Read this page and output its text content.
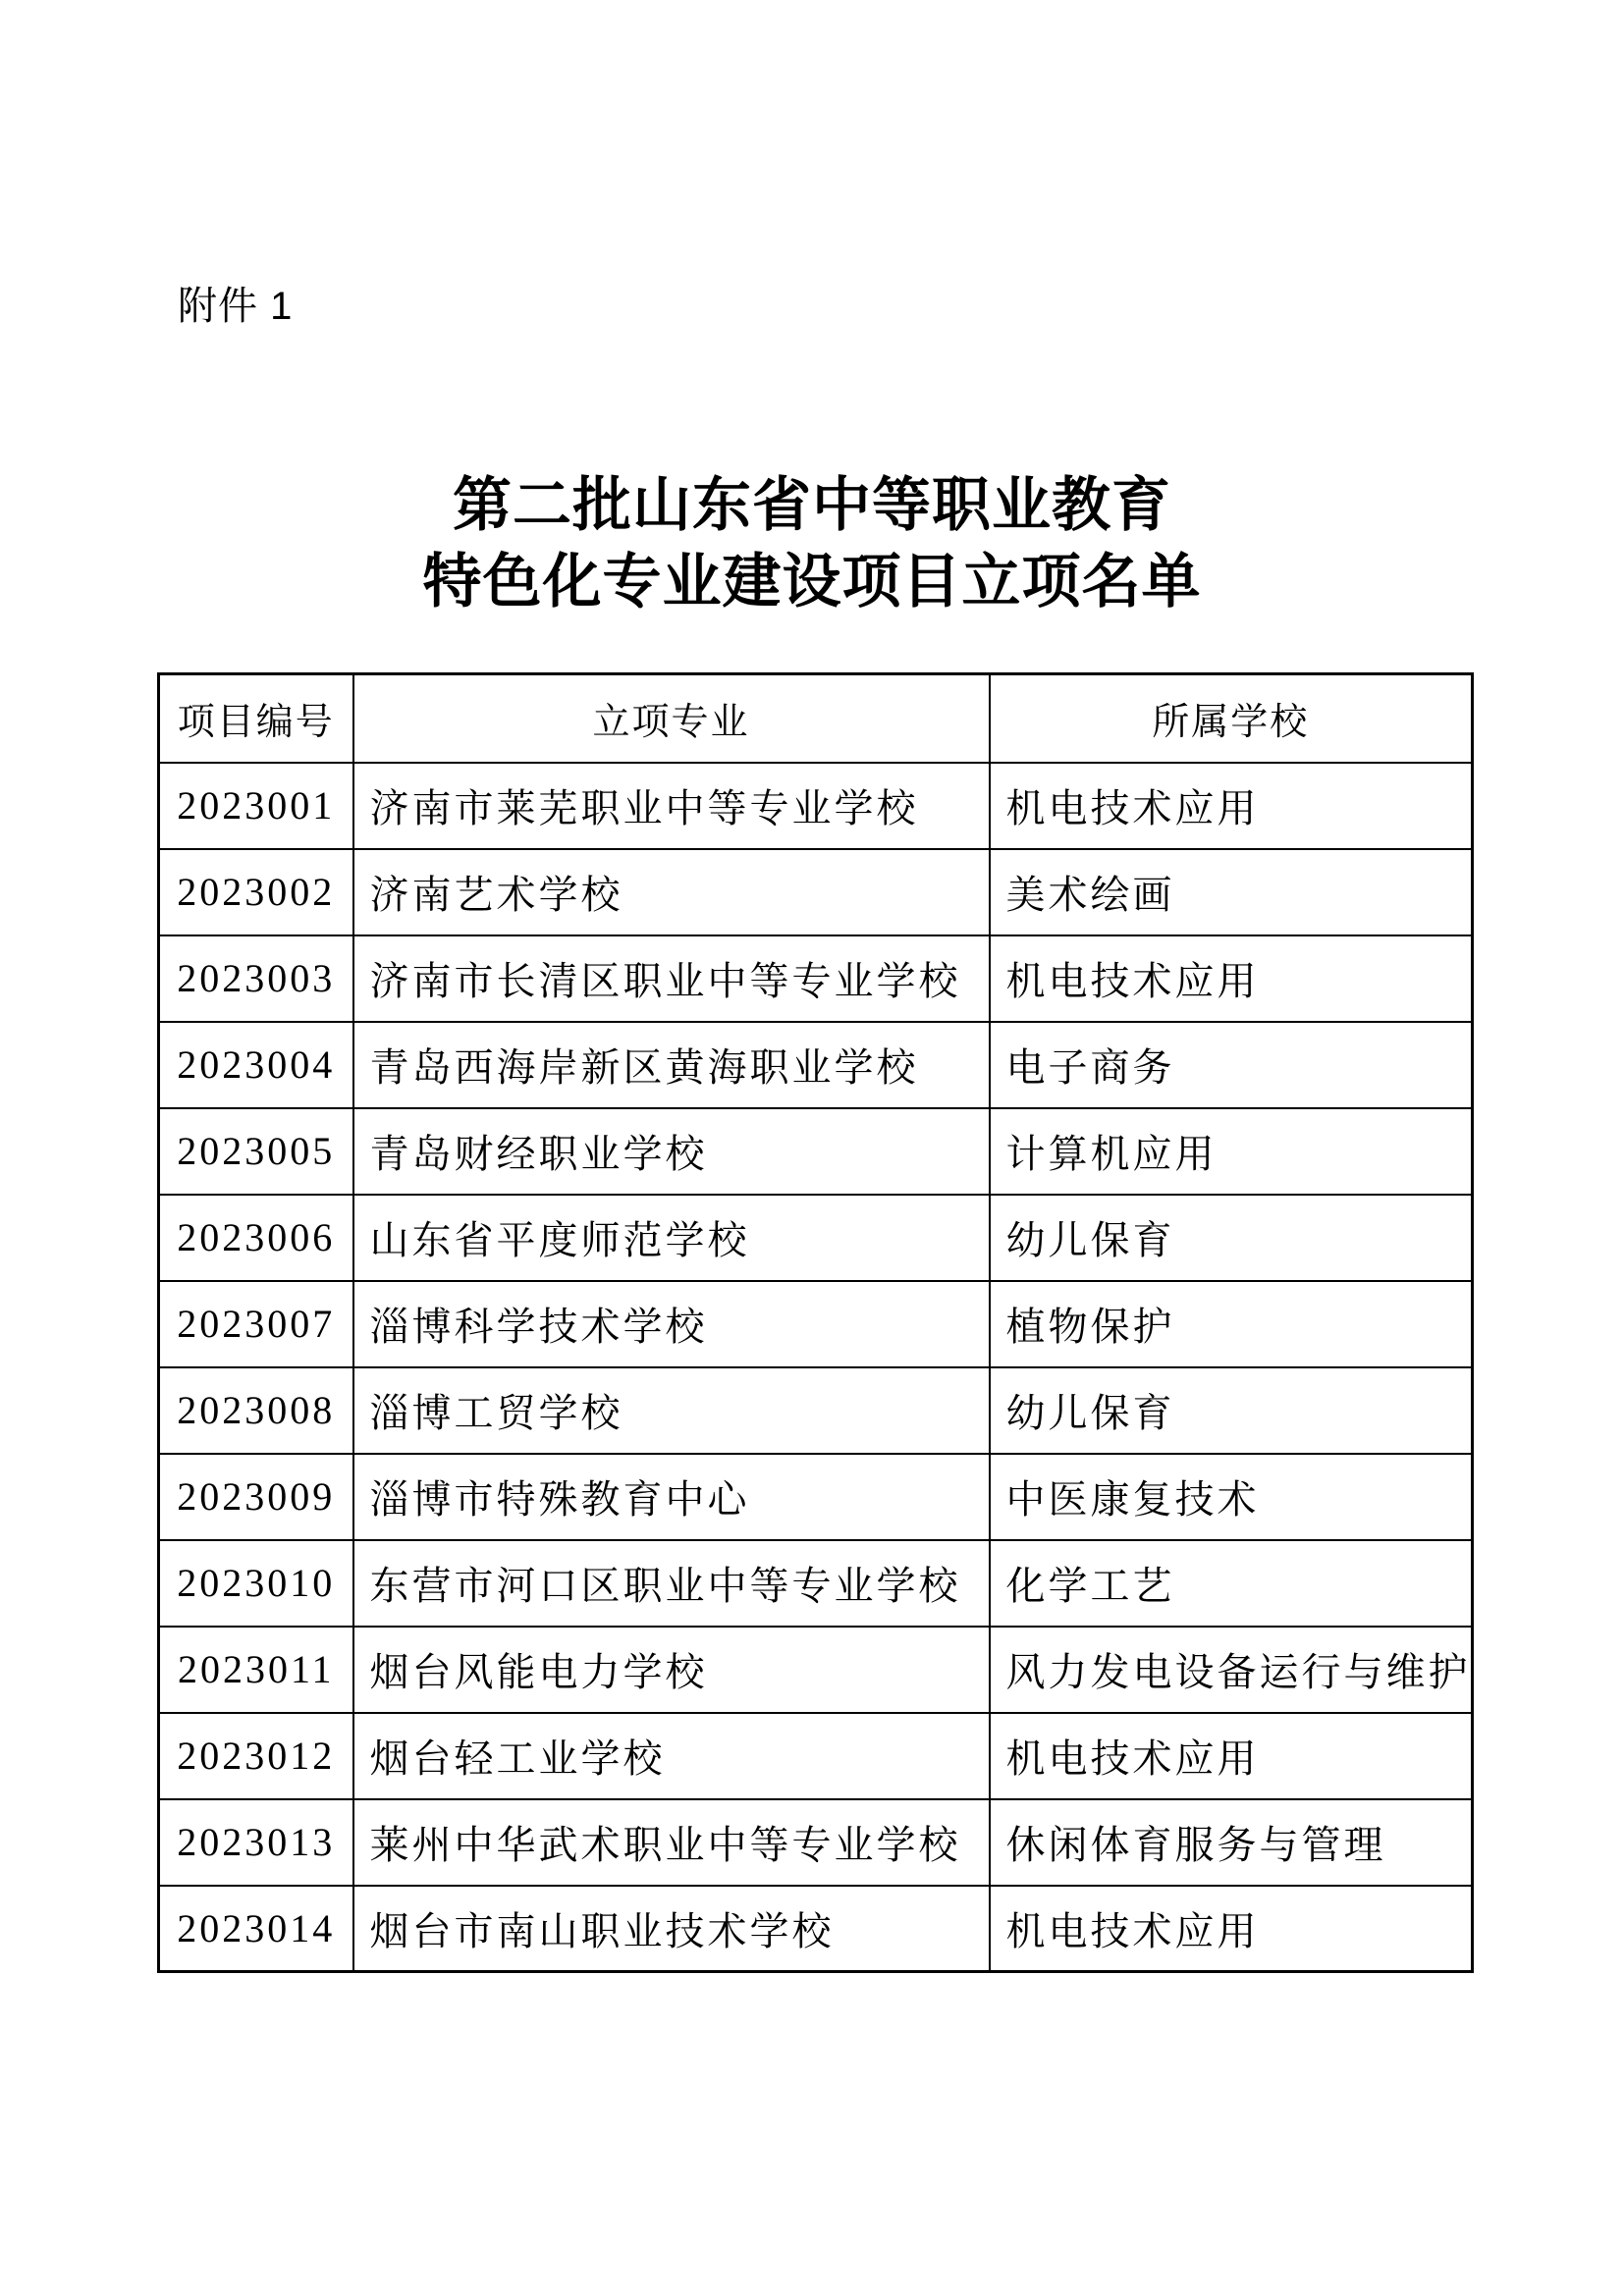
附件 1
第二批山东省中等职业教育
特色化专业建设项目立项名单
项目编号	立项专业	所属学校
2023001	济南市莱芜职业中等专业学校	机电技术应用
2023002	济南艺术学校	美术绘画
2023003	济南市长清区职业中等专业学校	机电技术应用
2023004	青岛西海岸新区黄海职业学校	电子商务
2023005	青岛财经职业学校	计算机应用
2023006	山东省平度师范学校	幼儿保育
2023007	淄博科学技术学校	植物保护
2023008	淄博工贸学校	幼儿保育
2023009	淄博市特殊教育中心	中医康复技术
2023010	东营市河口区职业中等专业学校	化学工艺
2023011	烟台风能电力学校	风力发电设备运行与维护
2023012	烟台轻工业学校	机电技术应用
2023013	莱州中华武术职业中等专业学校	休闲体育服务与管理
2023014	烟台市南山职业技术学校	机电技术应用
